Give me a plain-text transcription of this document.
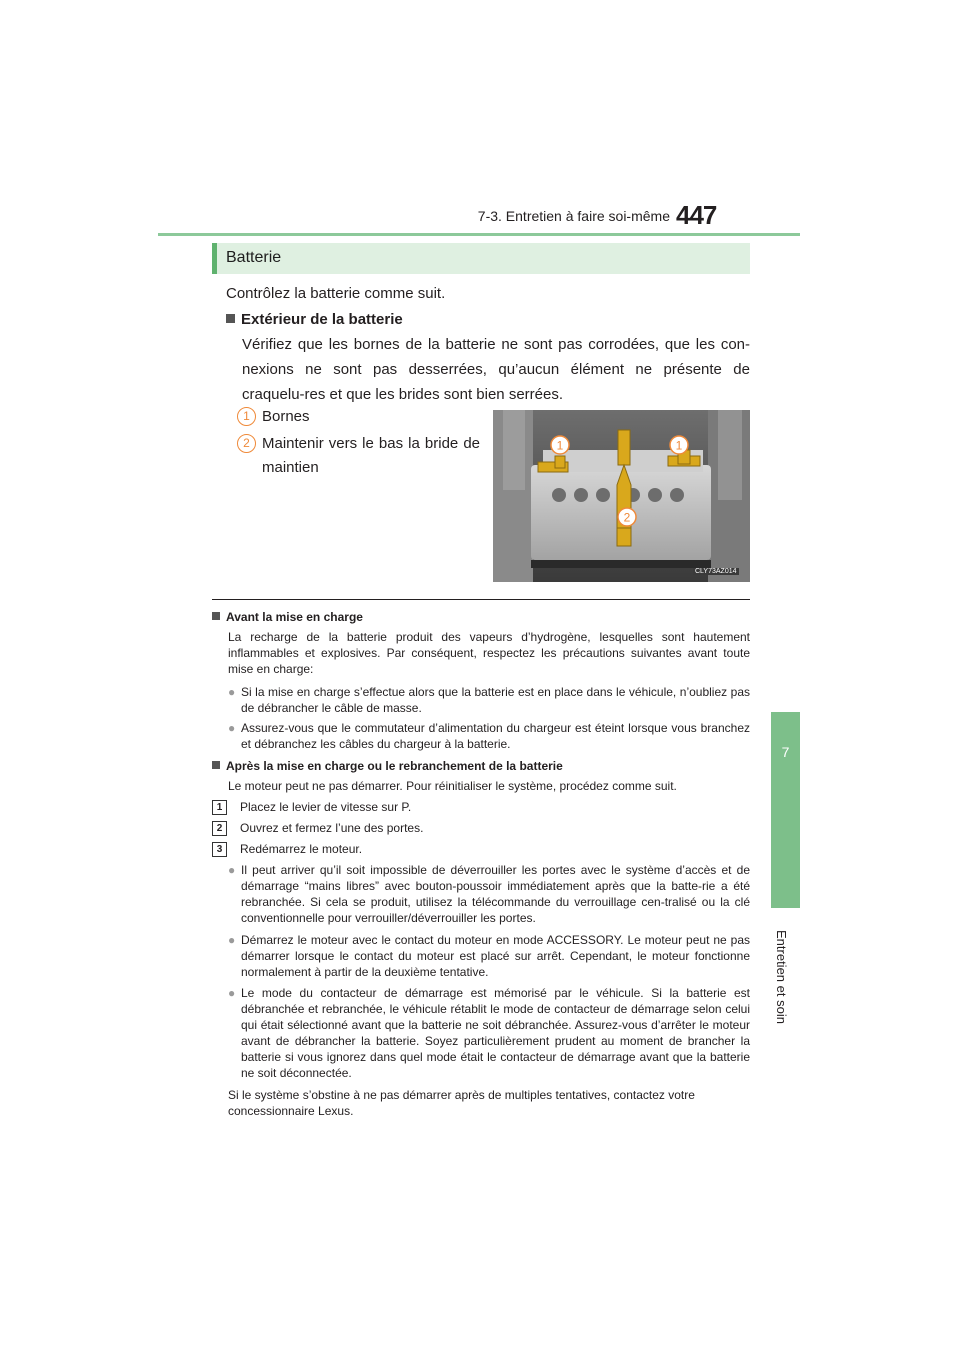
7-3. Entretien à faire soi-même 447
7
Entretien et soin
Batterie
Contrôlez la batterie comme suit.
Extérieur de la batterie
Vérifiez que les bornes de la batterie ne sont pas corrodées, que les con-nexions ne sont pas desserrées, qu’aucun élément ne présente de craquelu-res et que les brides sont bien serrées.
1 Bornes
2 Maintenir vers le bas la bride de maintien
1	1
2
CLY73AZ014
Avant la mise en charge
La recharge de la batterie produit des vapeurs d’hydrogène, lesquelles sont hautement inflammables et explosives. Par conséquent, respectez les précautions suivantes avant toute mise en charge:
● Si la mise en charge s’effectue alors que la batterie est en place dans le véhicule, n’oubliez pas de débrancher le câble de masse.
● Assurez-vous que le commutateur d’alimentation du chargeur est éteint lorsque vous branchez et débranchez les câbles du chargeur à la batterie.
Après la mise en charge ou le rebranchement de la batterie
Le moteur peut ne pas démarrer. Pour réinitialiser le système, procédez comme suit.
1	Placez le levier de vitesse sur P.
2	Ouvrez et fermez l’une des portes.
3	Redémarrez le moteur.
● Il peut arriver qu’il soit impossible de déverrouiller les portes avec le système d’accès et de démarrage “mains libres” avec bouton-poussoir immédiatement après que la batte-rie a été rebranchée. Si cela se produit, utilisez la télécommande du verrouillage cen-tralisé ou la clé conventionnelle pour verrouiller/déverrouiller les portes.
● Démarrez le moteur avec le contact du moteur en mode ACCESSORY. Le moteur peut ne pas démarrer lorsque le contact du moteur est placé sur arrêt. Cependant, le moteur fonctionne normalement à partir de la deuxième tentative.
● Le mode du contacteur de démarrage est mémorisé par le véhicule. Si la batterie est débranchée et rebranchée, le véhicule rétablit le mode de contacteur de démarrage selon celui qui était sélectionné avant que la batterie ne soit débranchée. Assurez-vous d’arrêter le moteur avant de débrancher la batterie. Soyez particulièrement prudent au moment de brancher la batterie si vous ignorez dans quel mode était le contacteur de démarrage avant que la batterie ne soit déconnectée.
Si le système s’obstine à ne pas démarrer après de multiples tentatives, contactez votre concessionnaire Lexus.
